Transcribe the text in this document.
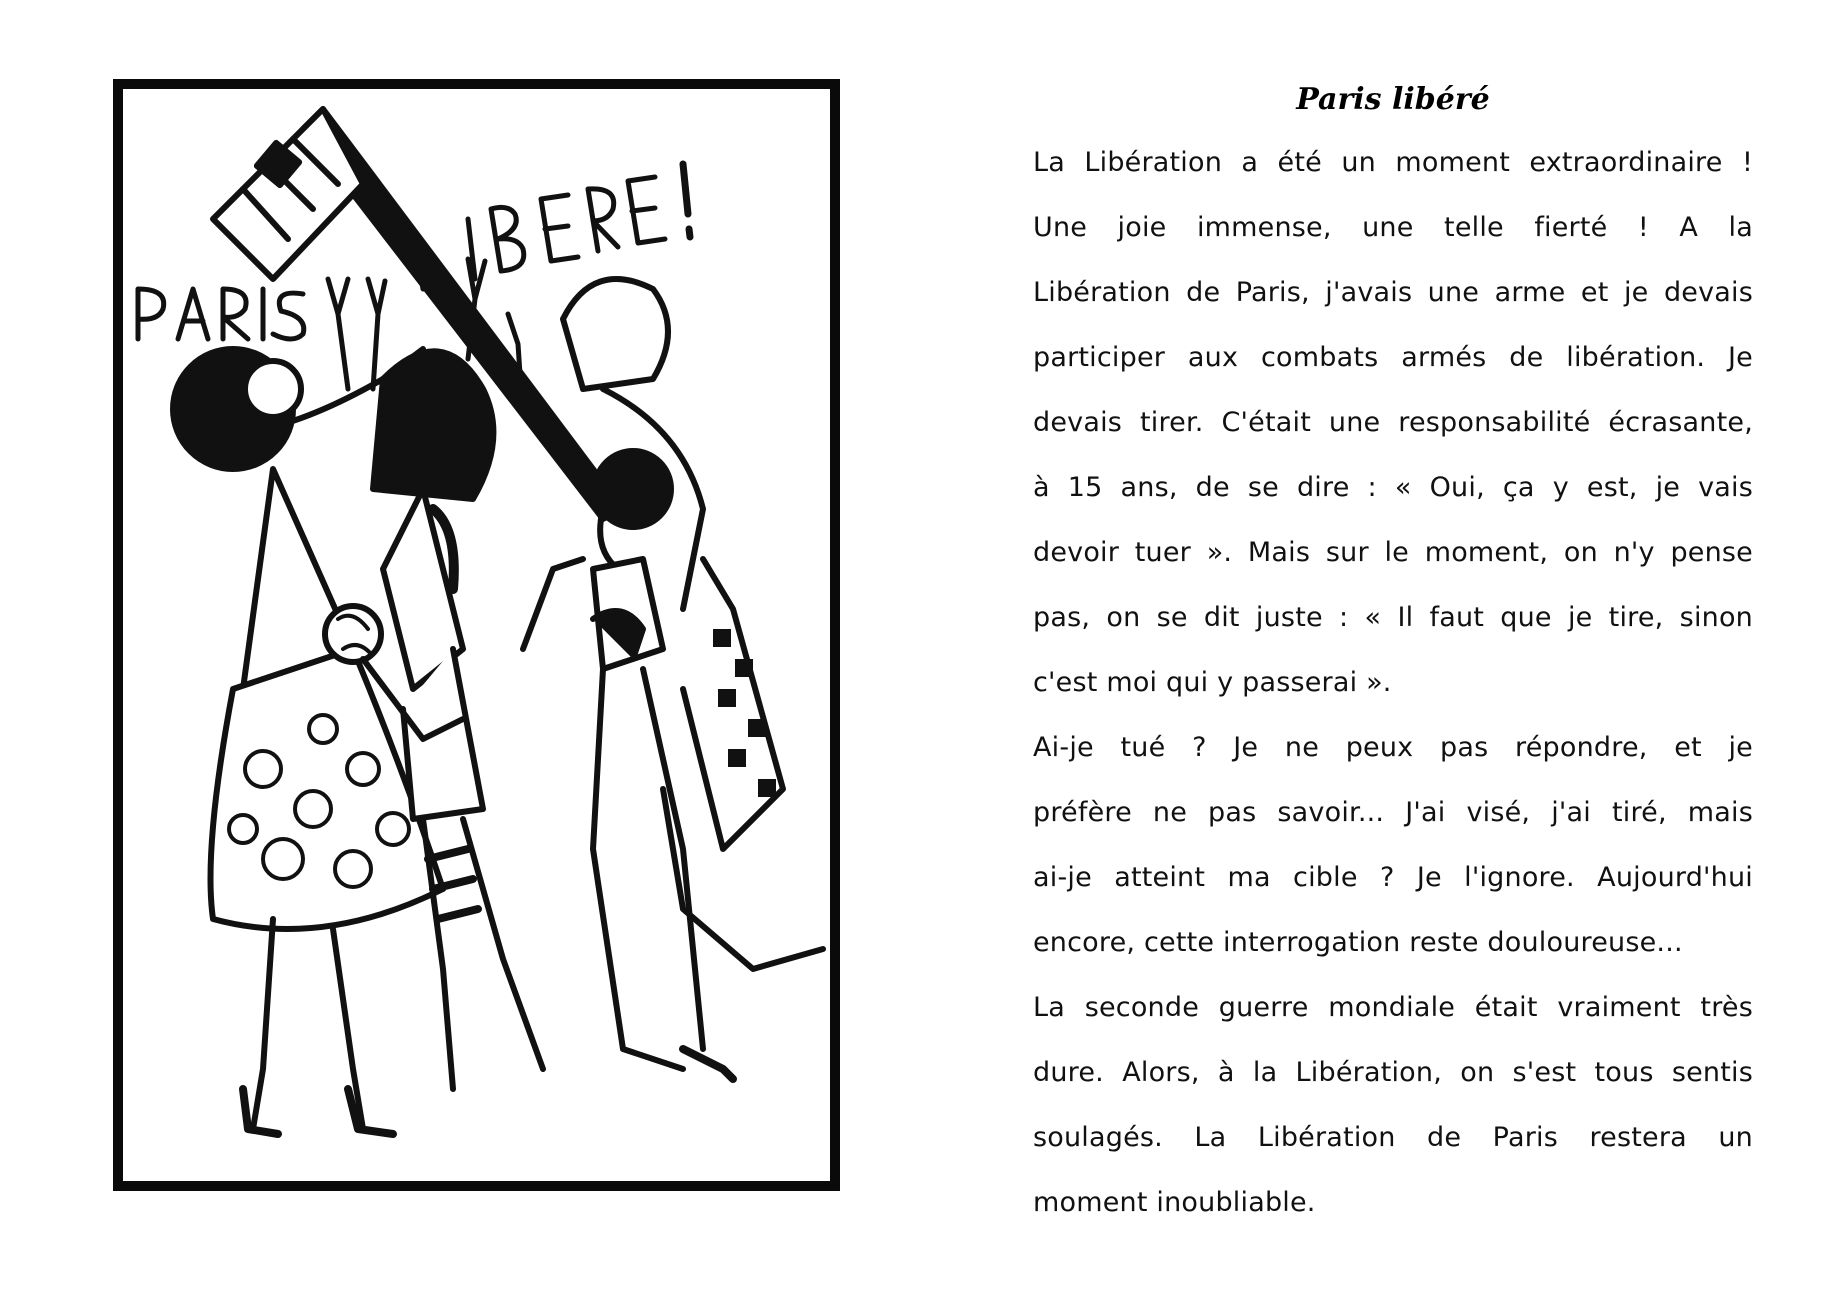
Paris libéré

La Libération a été un moment extraordinaire !
Une joie immense, une telle fierté ! A la
Libération de Paris, j'avais une arme et je devais
participer aux combats armés de libération. Je
devais tirer. C'était une responsabilité écrasante,
à 15 ans, de se dire : « Oui, ça y est, je vais
devoir tuer ». Mais sur le moment, on n'y pense
pas, on se dit juste : « Il faut que je tire, sinon
c'est moi qui y passerai ».

Ai-je tué ? Je ne peux pas répondre, et je
préfère ne pas savoir... J'ai visé, j'ai tiré, mais
ai-je atteint ma cible ? Je l'ignore. Aujourd'hui
encore, cette interrogation reste douloureuse...

La seconde guerre mondiale était vraiment très
dure. Alors, à la Libération, on s'est tous sentis
soulagés. La Libération de Paris restera un
moment inoubliable.
